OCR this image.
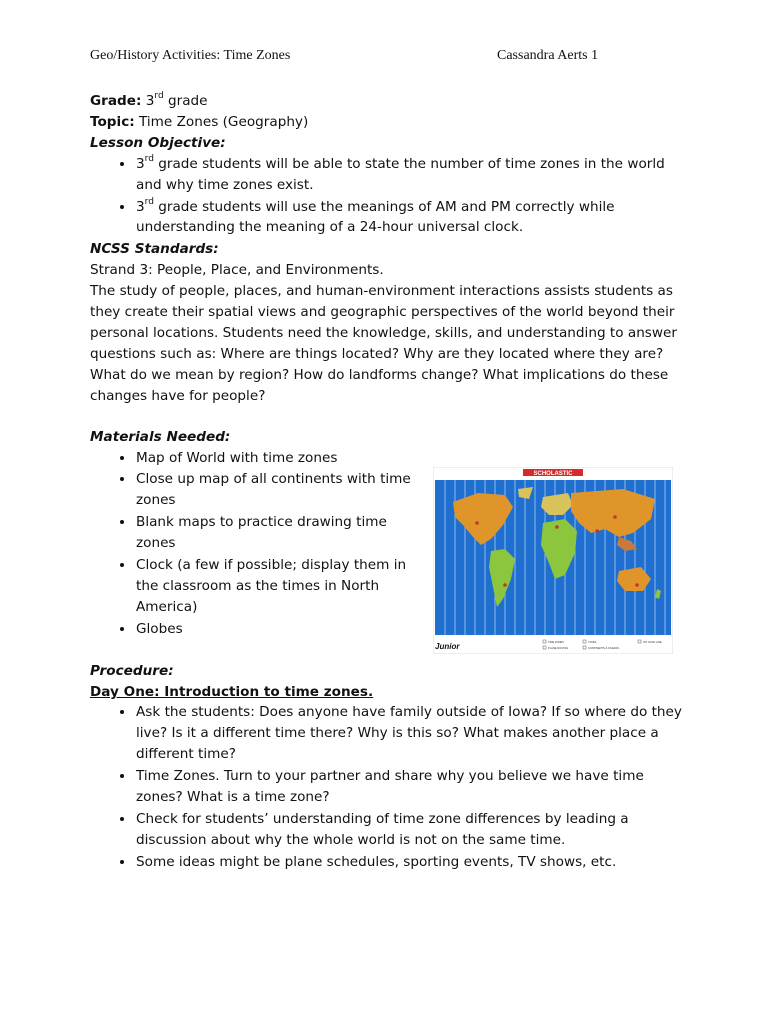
Geo/History Activities: Time Zones	Cassandra Aerts 1

Grade: 3rd grade

Topic: Time Zones (Geography)

Lesson Objective:

• 3rd grade students will be able to state the number of time zones in the world and why time zones exist.
• 3rd grade students will use the meanings of AM and PM correctly while understanding the meaning of a 24-hour universal clock.

NCSS Standards:

Strand 3: People, Place, and Environments.

The study of people, places, and human-environment interactions assists students as they create their spatial views and geographic perspectives of the world beyond their personal locations. Students need the knowledge, skills, and understanding to answer questions such as: Where are things located? Why are they located where they are? What do we mean by region? How do landforms change? What implications do these changes have for people?

Materials Needed:

• Map of World with time zones
• Close up map of all continents with time zones
• Blank maps to practice drawing time zones
• Clock (a few if possible; display them in the classroom as the times in North America)
• Globes

Procedure:

Day One: Introduction to time zones.

• Ask the students: Does anyone have family outside of Iowa? If so where do they live? Is it a different time there? Why is this so? What makes another place a different time?
• Time Zones. Turn to your partner and share why you believe we have time zones? What is a time zone?
• Check for students’ understanding of time zone differences by leading a discussion about why the whole world is not on the same time.
• Some ideas might be plane schedules, sporting events, TV shows, etc.
SCHOLASTIC
Junior	TIME ZONES	CITIES	INT. DATE LINE
PLANE ROUTES	CONTINENTS & OCEANS
